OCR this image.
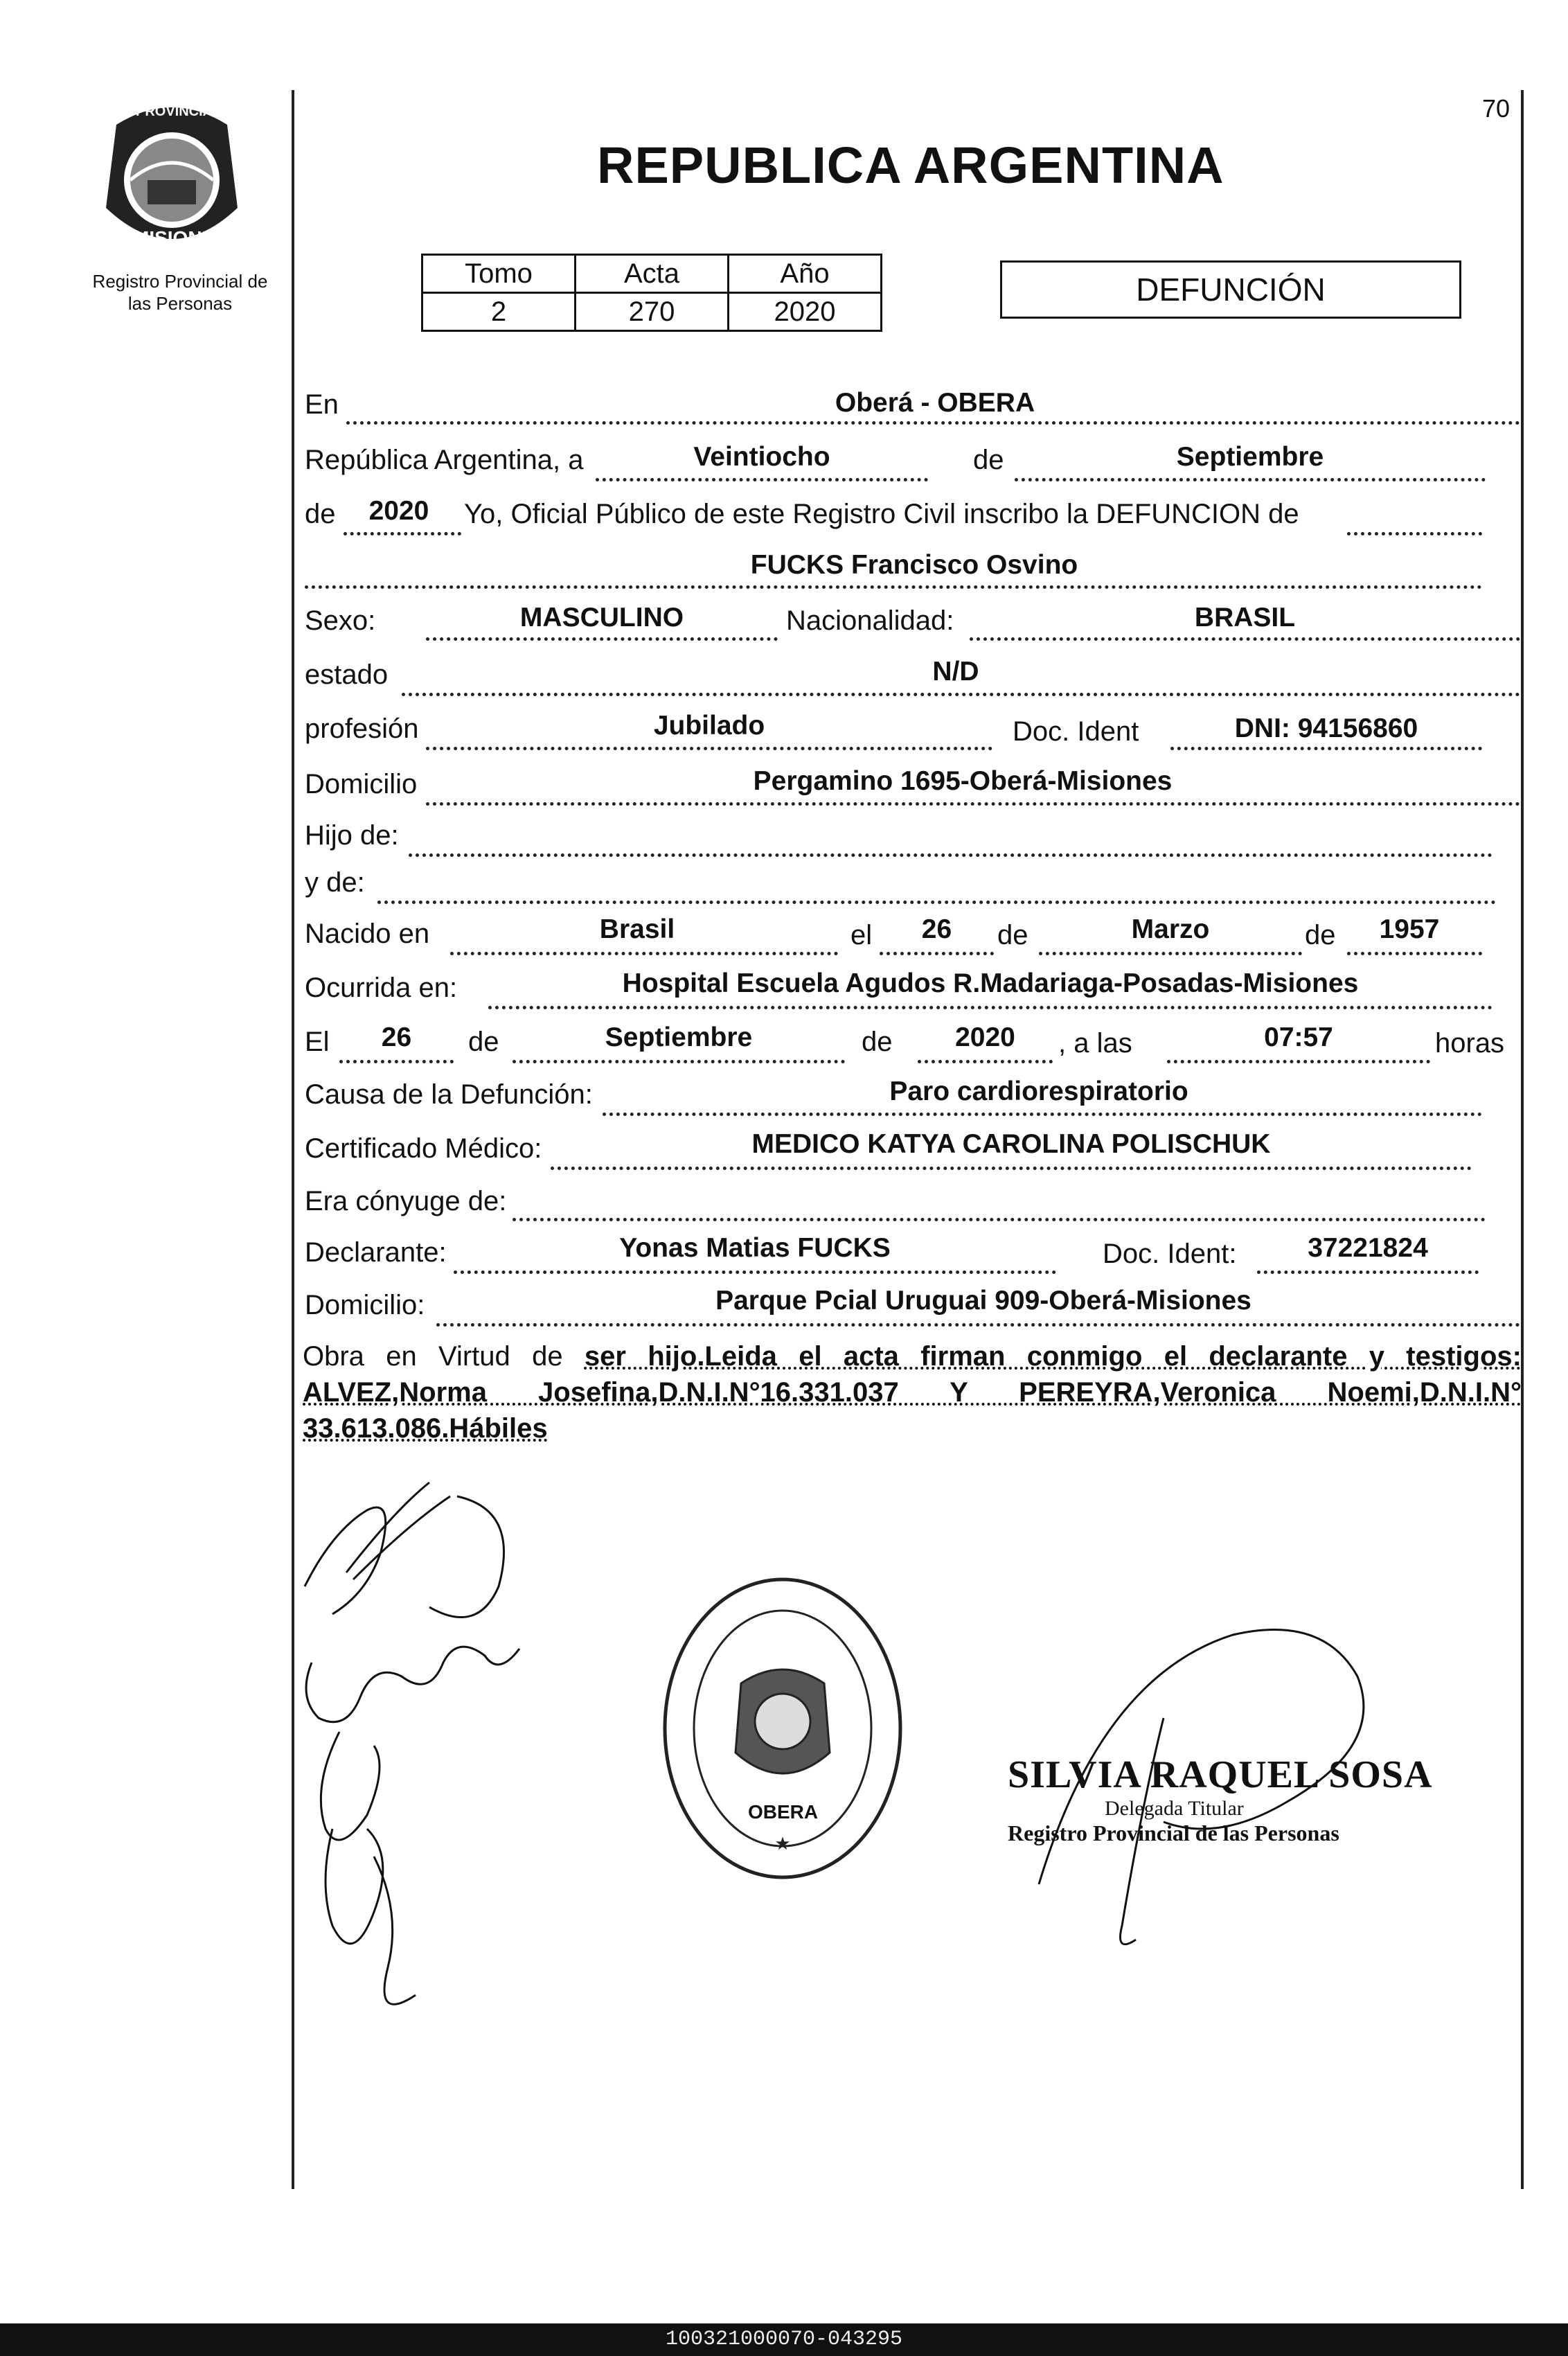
PROVINCIA DE
MISIONES
Registro Provincial de
las Personas
REPUBLICA ARGENTINA
70
Tomo	Acta	Año
2	270	2020
DEFUNCIÓN
En	Oberá - OBERA
República Argentina, a	Veintiocho	de	Septiembre
de	2020	Yo, Oficial Público de este Registro Civil inscribo la DEFUNCION de
FUCKS Francisco Osvino
Sexo:	MASCULINO	Nacionalidad:	BRASIL
estado	N/D
profesión	Jubilado	Doc. Ident	DNI: 94156860
Domicilio	Pergamino 1695-Oberá-Misiones
Hijo de:
y de:
Nacido en	Brasil	el	26	de	Marzo	de	1957
Ocurrida en:	Hospital Escuela Agudos R.Madariaga-Posadas-Misiones
El	26	de	Septiembre	de	2020	, a las	07:57	horas
Causa de la Defunción:	Paro cardiorespiratorio
Certificado Médico:	MEDICO KATYA CAROLINA POLISCHUK
Era cónyuge de:
Declarante:	Yonas Matias FUCKS	Doc. Ident:	37221824
Domicilio:	Parque Pcial Uruguai 909-Oberá-Misiones
Obra en Virtud de ser hijo.Leida el acta firman conmigo el declarante y testigos: ALVEZ,Norma Josefina,D.N.I.N°16.331.037 Y PEREYRA,Veronica Noemi,D.N.I.N° 33.613.086.Hábiles
★
OBERA
SILVIA RAQUEL SOSA
Delegada Titular
Registro Provincial de las Personas
100321000070-043295
